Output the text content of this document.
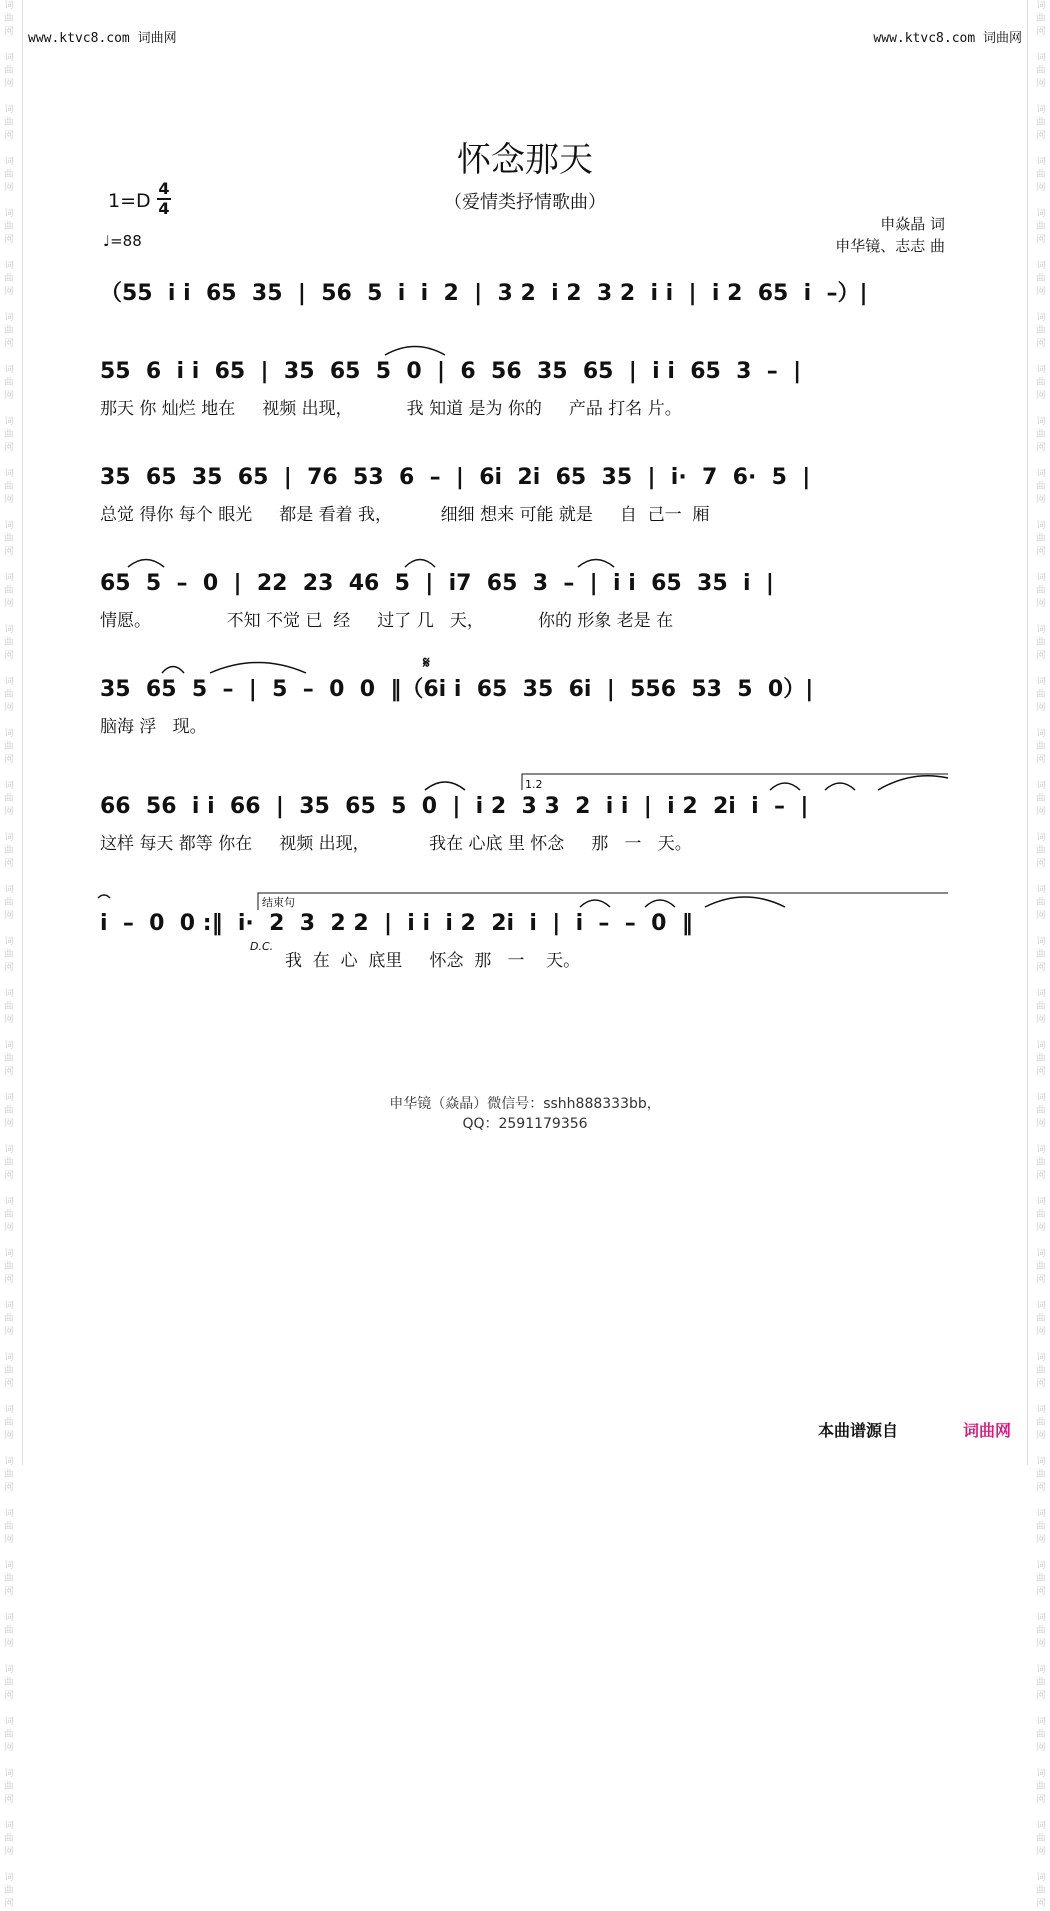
词
曲
网

词
曲
网

词
曲
网

词
曲
网

词
曲
网

词
曲
网

词
曲
网

词
曲
网

词
曲
网

词
曲
网

词
曲
网

词
曲
网

词
曲
网

词
曲
网

词
曲
网

词
曲
网

词
曲
网

词
曲
网

词
曲
网

词
曲
网

词
曲
网

词
曲
网

词
曲
网

词
曲
网

词
曲
网

词
曲
网

词
曲
网

词
曲
网

词
曲
网

词
曲
网

词
曲
网

词
曲
网

词
曲
网

词
曲
网

词
曲
网

词
曲
网

词
曲
网

词
曲
网

词
曲
网

词
曲
网

词
曲
网

词
曲
网

词
曲
网

词
曲
网

词
曲
网

词
曲
网

词
曲
网

词
曲
网

词
曲
网

词
曲
网

词
曲
网

词
曲
网

词
曲
网

词
曲
网

词
曲
网

词
曲
网

词
曲
网

词
曲
网

词
曲
网

词
曲
网

词
曲
网

词
曲
网

词
曲
网

词
曲
网

词
曲
网

词
曲
网

词
曲
网

词
曲
网

词
曲
网

词
曲
网

词
曲
网

词
曲
网

词
曲
网

词
曲
网

www.ktvc8.com 词曲网	www.ktvc8.com 词曲网
怀念那天
（爱情类抒情歌曲）
1=D
4
4
♩=88
申焱晶 词
申华镜、志志 曲
（55  i i  65  35  |  56  5  i  i  2  |  3 2  i 2  3 2  i i  |  i 2  65  i  –）|
55  6  i i  65  |  35  65  5  0  |  6  56  35  65  |  i i  65  3  –  |
那天 你 灿烂 地在     视频 出现，          我 知道 是为 你的     产品 打名 片。
35  65  35  65  |  76  53  6  –  |  6i  2i  65  35  |  i·  7  6·  5  |
总觉 得你 每个 眼光     都是 看着 我，         细细 想来 可能 就是     自  己一  厢
65  5  –  0  |  22  23  46  5  |  i7  65  3  –  |  i i  65  35  i  |
情愿。              不知 不觉 已  经     过了 几   天，          你的 形象 老是 在
35  65  5  –  |  5  –  0  0  ‖（6i i  65  35  6i  |  556  53  5  0）|
脑海 浮   现。
𝄋
66  56  i i  66  |  35  65  5  0  |  i 2  3 3  2  i i  |  i 2  2i  i  –  |
这样 每天 都等 你在     视频 出现，           我在 心底 里 怀念     那   一   天。
1.2
i  –  0  0 :‖  i·  2  3  2 2  |  i i  i 2  2i  i  |  i  –  –  0  ‖
我  在  心  底里     怀念  那   一    天。
结束句
D.C.
申华镜（焱晶）微信号：sshh888333bb，
QQ：2591179356
本曲谱源自	词曲网
